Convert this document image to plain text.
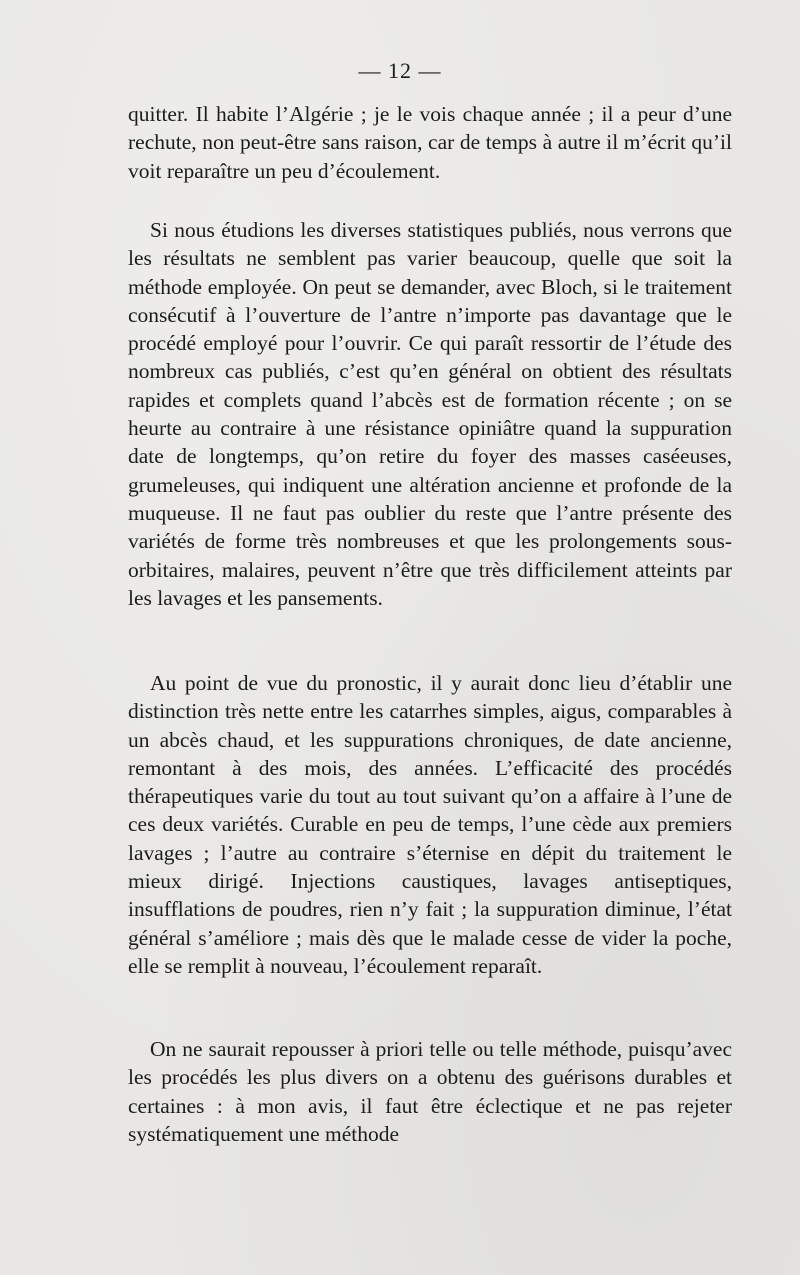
— 12 —

quitter. Il habite l’Algérie ; je le vois chaque année ; il a peur d’une rechute, non peut-être sans raison, car de temps à autre il m’écrit qu’il voit reparaître un peu d’écoulement.

Si nous étudions les diverses statistiques publiés, nous verrons que les résultats ne semblent pas varier beaucoup, quelle que soit la méthode employée. On peut se demander, avec Bloch, si le traitement consécutif à l’ouverture de l’antre n’importe pas davantage que le procédé employé pour l’ouvrir. Ce qui paraît ressortir de l’étude des nombreux cas publiés, c’est qu’en général on obtient des résultats rapides et complets quand l’abcès est de formation récente ; on se heurte au contraire à une résistance opiniâtre quand la suppuration date de longtemps, qu’on retire du foyer des masses caséeuses, grumeleuses, qui indiquent une altération ancienne et profonde de la muqueuse. Il ne faut pas oublier du reste que l’antre présente des variétés de forme très nombreuses et que les prolongements sous-orbitaires, malaires, peuvent n’être que très difficilement atteints par les lavages et les pansements.

Au point de vue du pronostic, il y aurait donc lieu d’établir une distinction très nette entre les catarrhes simples, aigus, comparables à un abcès chaud, et les suppurations chroniques, de date ancienne, remontant à des mois, des années. L’efficacité des procédés thérapeutiques varie du tout au tout suivant qu’on a affaire à l’une de ces deux variétés. Curable en peu de temps, l’une cède aux premiers lavages ; l’autre au contraire s’éternise en dépit du traitement le mieux dirigé. Injections caustiques, lavages antiseptiques, insufflations de poudres, rien n’y fait ; la suppuration diminue, l’état général s’améliore ; mais dès que le malade cesse de vider la poche, elle se remplit à nouveau, l’écoulement reparaît.

On ne saurait repousser à priori telle ou telle méthode, puisqu’avec les procédés les plus divers on a obtenu des guérisons durables et certaines : à mon avis, il faut être éclectique et ne pas rejeter systématiquement une méthode
